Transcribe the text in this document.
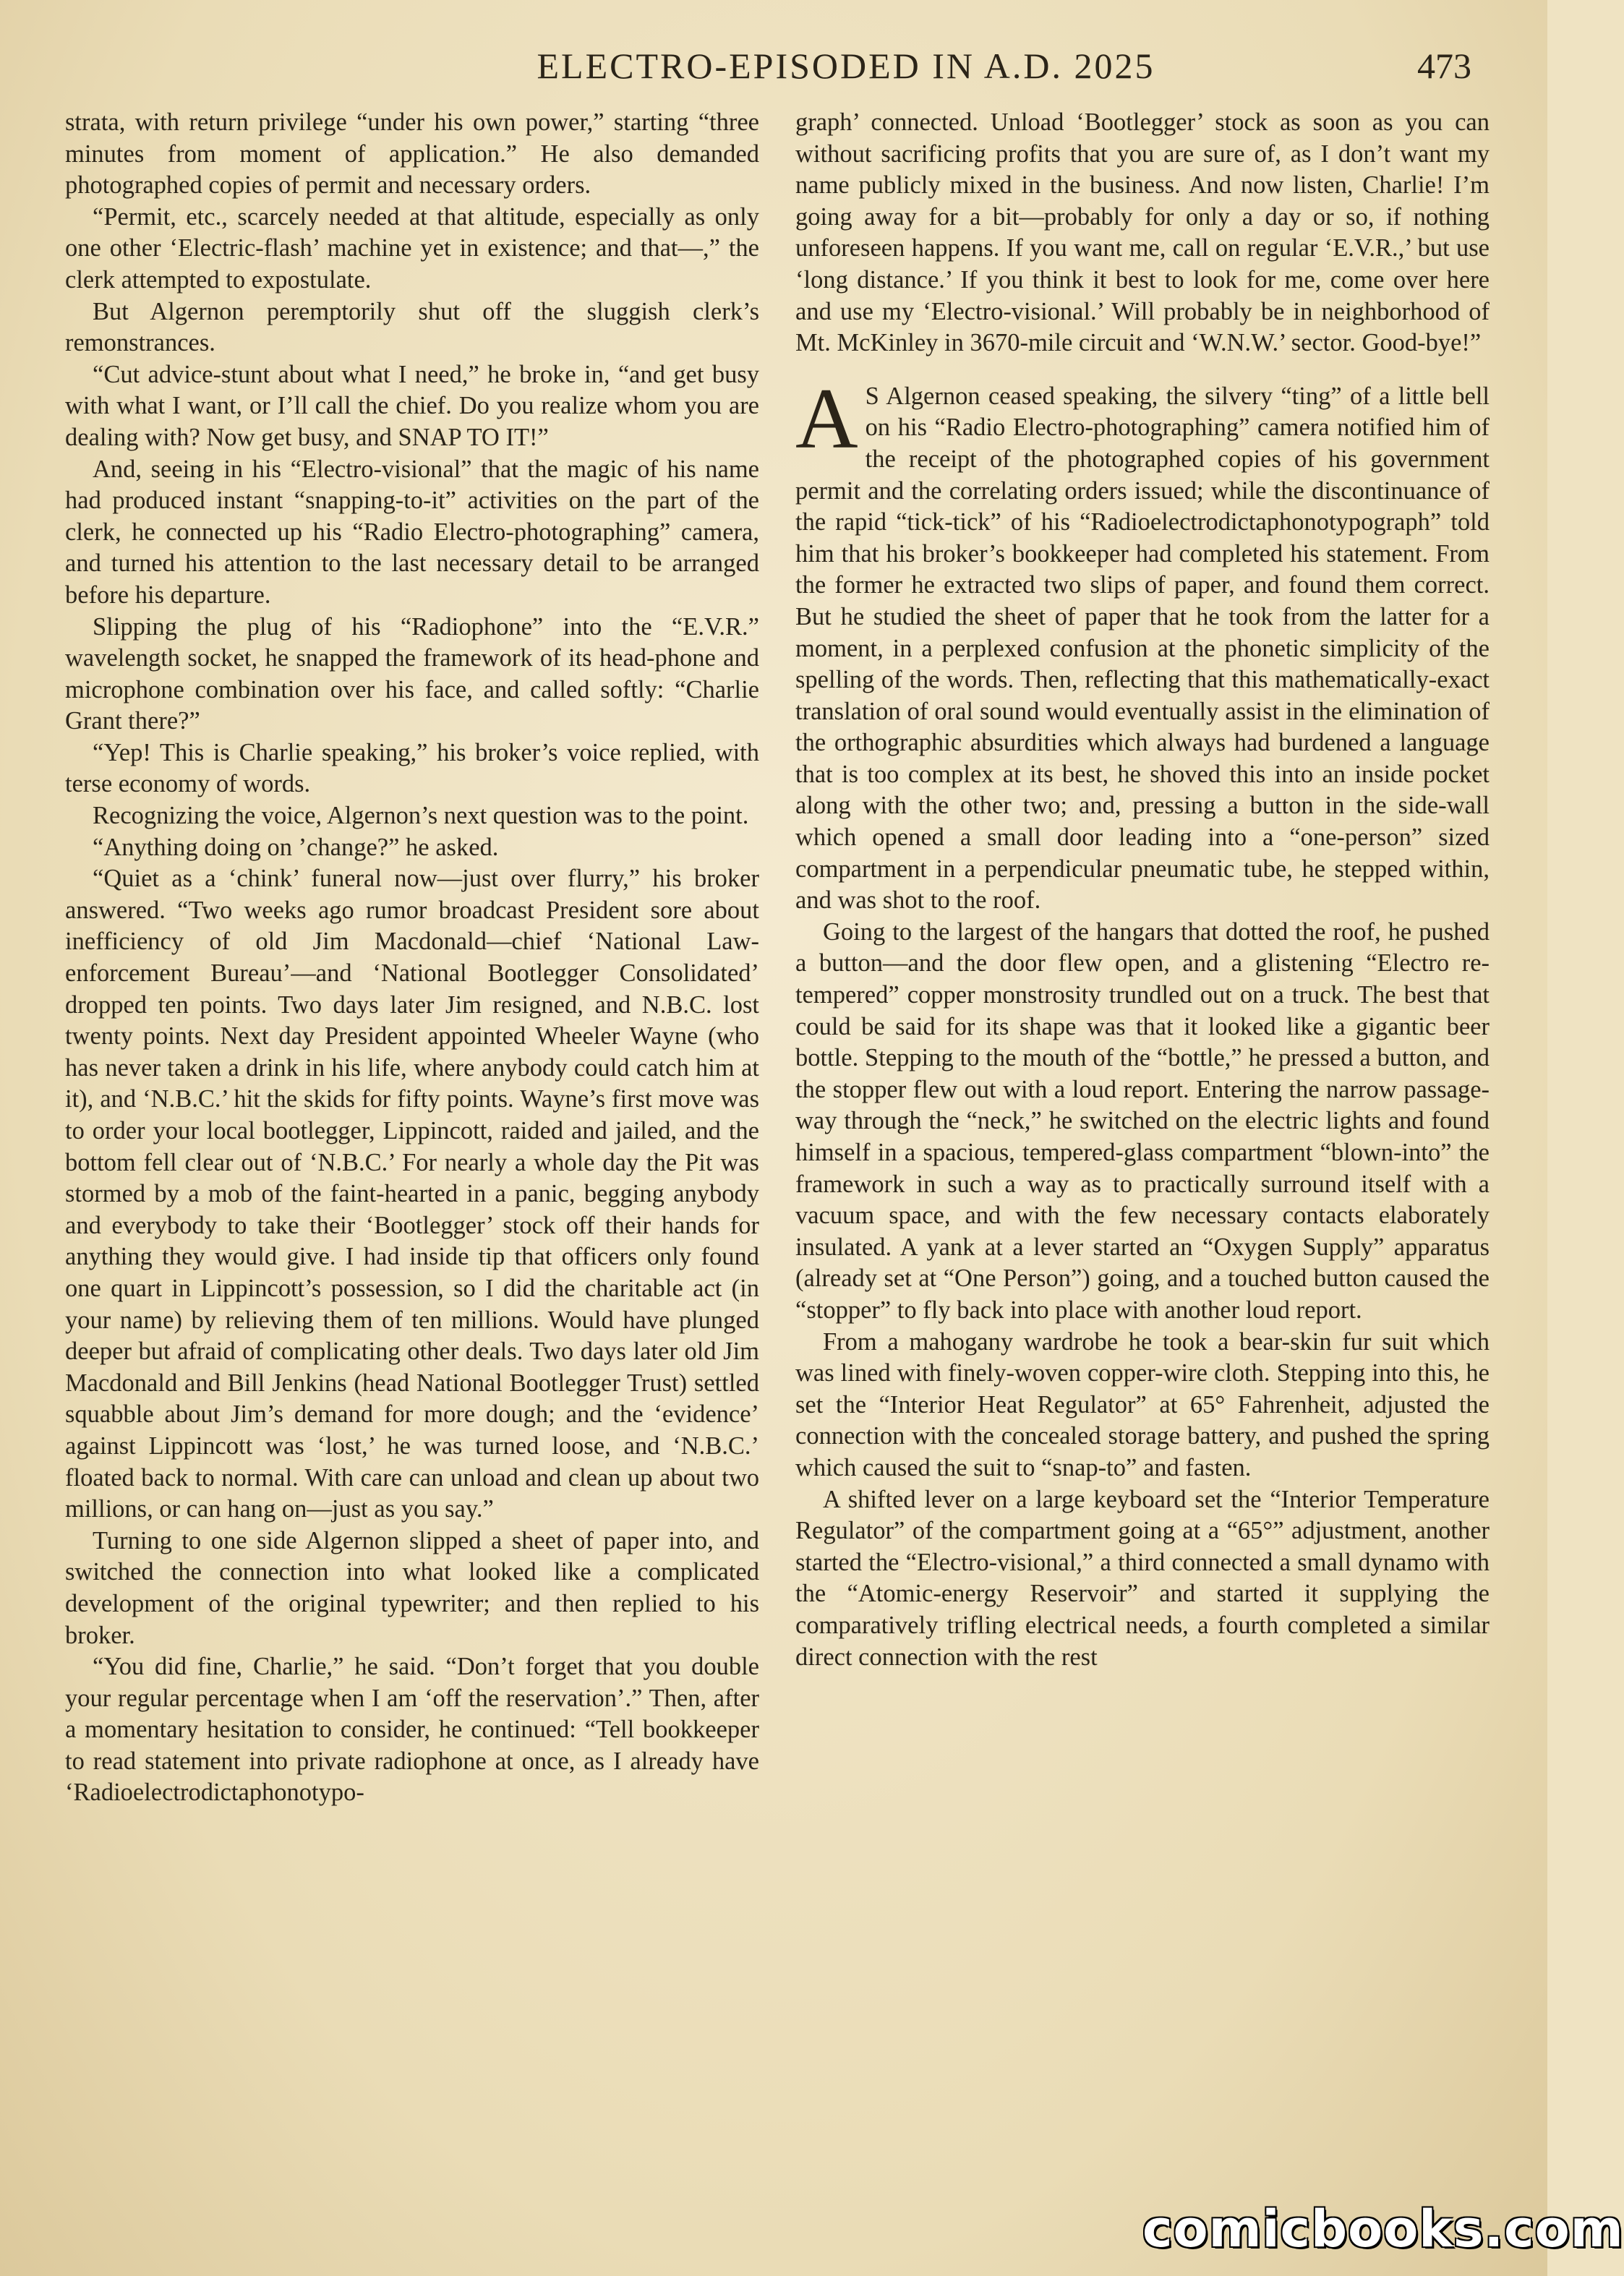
ELECTRO-EPISODED IN A.D. 2025	473

strata, with return privilege “under his own power,” starting “three minutes from moment of application.” He also demanded photographed copies of permit and necessary orders.

“Permit, etc., scarcely needed at that altitude, especially as only one other ‘Electric-flash’ machine yet in existence; and that—,” the clerk attempted to expostulate.

But Algernon peremptorily shut off the sluggish clerk’s remonstrances.

“Cut advice-stunt about what I need,” he broke in, “and get busy with what I want, or I’ll call the chief. Do you realize whom you are dealing with? Now get busy, and SNAP TO IT!”

And, seeing in his “Electro-visional” that the magic of his name had produced instant “snapping-to-it” activities on the part of the clerk, he connected up his “Radio Electro-photographing” camera, and turned his attention to the last necessary detail to be arranged before his departure.

Slipping the plug of his “Radiophone” into the “E.V.R.” wavelength socket, he snapped the framework of its head-phone and microphone combination over his face, and called softly: “Charlie Grant there?”

“Yep! This is Charlie speaking,” his broker’s voice replied, with terse economy of words.

Recognizing the voice, Algernon’s next question was to the point.

“Anything doing on ’change?” he asked.

“Quiet as a ‘chink’ funeral now—just over flurry,” his broker answered. “Two weeks ago rumor broadcast President sore about inefficiency of old Jim Macdonald—chief ‘National Law-enforcement Bureau’—and ‘National Bootlegger Consolidated’ dropped ten points. Two days later Jim resigned, and N.B.C. lost twenty points. Next day President appointed Wheeler Wayne (who has never taken a drink in his life, where anybody could catch him at it), and ‘N.B.C.’ hit the skids for fifty points. Wayne’s first move was to order your local bootlegger, Lippincott, raided and jailed, and the bottom fell clear out of ‘N.B.C.’ For nearly a whole day the Pit was stormed by a mob of the faint-hearted in a panic, begging anybody and everybody to take their ‘Bootlegger’ stock off their hands for anything they would give. I had inside tip that officers only found one quart in Lippincott’s possession, so I did the charitable act (in your name) by relieving them of ten millions. Would have plunged deeper but afraid of complicating other deals. Two days later old Jim Macdonald and Bill Jenkins (head National Bootlegger Trust) settled squabble about Jim’s demand for more dough; and the ‘evidence’ against Lippincott was ‘lost,’ he was turned loose, and ‘N.B.C.’ floated back to normal. With care can unload and clean up about two millions, or can hang on—just as you say.”

Turning to one side Algernon slipped a sheet of paper into, and switched the connection into what looked like a complicated development of the original typewriter; and then replied to his broker.

“You did fine, Charlie,” he said. “Don’t forget that you double your regular percentage when I am ‘off the reservation’.” Then, after a momentary hesitation to consider, he continued: “Tell bookkeeper to read statement into private radiophone at once, as I already have ‘Radioelectrodictaphonotypo-

graph’ connected. Unload ‘Bootlegger’ stock as soon as you can without sacrificing profits that you are sure of, as I don’t want my name publicly mixed in the business. And now listen, Charlie! I’m going away for a bit—probably for only a day or so, if nothing unforeseen happens. If you want me, call on regular ‘E.V.R.,’ but use ‘long distance.’ If you think it best to look for me, come over here and use my ‘Electro-visional.’ Will probably be in neighborhood of Mt. McKinley in 3670-mile circuit and ‘W.N.W.’ sector. Good-bye!”

A S Algernon ceased speaking, the silvery “ting” of a little bell on his “Radio Electro-photographing” camera notified him of the receipt of the photographed copies of his government permit and the correlating orders issued; while the discontinuance of the rapid “tick-tick” of his “Radioelectrodictaphonotypograph” told him that his broker’s bookkeeper had completed his statement. From the former he extracted two slips of paper, and found them correct. But he studied the sheet of paper that he took from the latter for a moment, in a perplexed confusion at the phonetic simplicity of the spelling of the words. Then, reflecting that this mathematically-exact translation of oral sound would eventually assist in the elimination of the orthographic absurdities which always had burdened a language that is too complex at its best, he shoved this into an inside pocket along with the other two; and, pressing a button in the side-wall which opened a small door leading into a “one-person” sized compartment in a perpendicular pneumatic tube, he stepped within, and was shot to the roof.

Going to the largest of the hangars that dotted the roof, he pushed a button—and the door flew open, and a glistening “Electro re-tempered” copper monstrosity trundled out on a truck. The best that could be said for its shape was that it looked like a gigantic beer bottle. Stepping to the mouth of the “bottle,” he pressed a button, and the stopper flew out with a loud report. Entering the narrow passage-way through the “neck,” he switched on the electric lights and found himself in a spacious, tempered-glass compartment “blown-into” the framework in such a way as to practically surround itself with a vacuum space, and with the few necessary contacts elaborately insulated. A yank at a lever started an “Oxygen Supply” apparatus (already set at “One Person”) going, and a touched button caused the “stopper” to fly back into place with another loud report.

From a mahogany wardrobe he took a bear-skin fur suit which was lined with finely-woven copper-wire cloth. Stepping into this, he set the “Interior Heat Regulator” at 65° Fahrenheit, adjusted the connection with the concealed storage battery, and pushed the spring which caused the suit to “snap-to” and fasten.

A shifted lever on a large keyboard set the “Interior Temperature Regulator” of the compartment going at a “65°” adjustment, another started the “Electro-visional,” a third connected a small dynamo with the “Atomic-energy Reservoir” and started it supplying the comparatively trifling electrical needs, a fourth completed a similar direct connection with the rest

comicbooks.com
